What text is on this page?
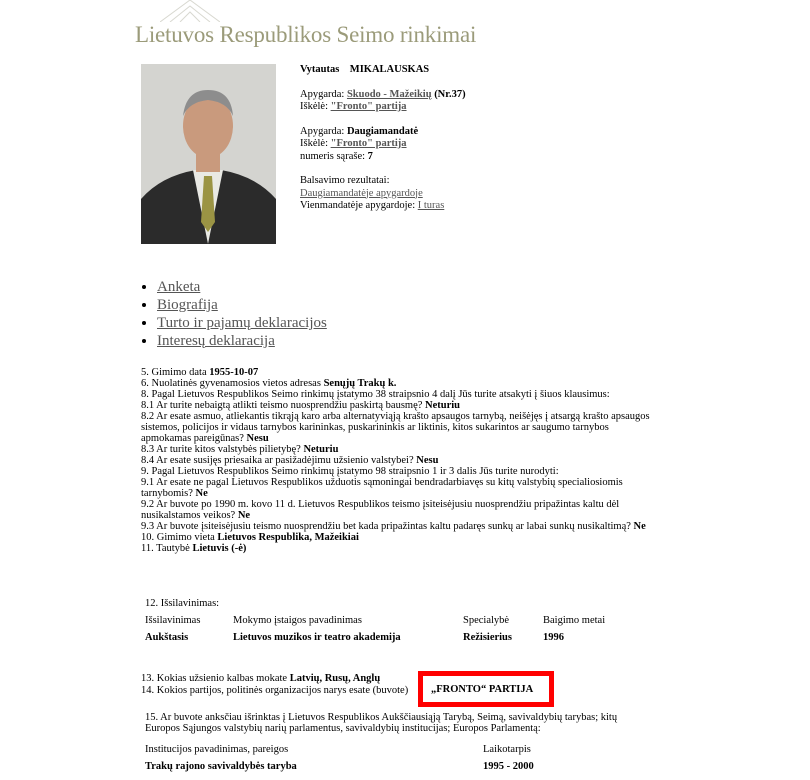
Lietuvos Respublikos Seimo rinkimai

Vytautas MIKALAUSKAS

Apygarda: Skuodo - Mažeikių (Nr.37)

Iškėlė: "Fronto" partija

Apygarda: Daugiamandatė

Iškėlė: "Fronto" partija

numeris sąraše: 7

Balsavimo rezultatai:

Daugiamandatėje apygardoje

Vienmandatėje apygardoje: I turas

• Anketa
• Biografija
• Turto ir pajamų deklaracijos
• Interesų deklaracija

5. Gimimo data 1955-10-07

6. Nuolatinės gyvenamosios vietos adresas Senųjų Trakų k.

8. Pagal Lietuvos Respublikos Seimo rinkimų įstatymo 38 straipsnio 4 dalį Jūs turite atsakyti į šiuos klausimus:

8.1 Ar turite nebaigtą atlikti teismo nuosprendžiu paskirtą bausmę? Neturiu

8.2 Ar esate asmuo, atliekantis tikrąją karo arba alternatyviąją krašto apsaugos tarnybą, neišėjęs į atsargą krašto apsaugos sistemos, policijos ir vidaus tarnybos karininkas, puskarininkis ar liktinis, kitos sukarintos ar saugumo tarnybos apmokamas pareigūnas? Nesu

8.3 Ar turite kitos valstybės pilietybę? Neturiu

8.4 Ar esate susijęs priesaika ar pasižadėjimu užsienio valstybei? Nesu

9. Pagal Lietuvos Respublikos Seimo rinkimų įstatymo 98 straipsnio 1 ir 3 dalis Jūs turite nurodyti:

9.1 Ar esate ne pagal Lietuvos Respublikos užduotis sąmoningai bendradarbiavęs su kitų valstybių specialiosiomis tarnybomis? Ne

9.2 Ar buvote po 1990 m. kovo 11 d. Lietuvos Respublikos teismo įsiteisėjusiu nuosprendžiu pripažintas kaltu dėl nusikalstamos veikos? Ne

9.3 Ar buvote įsiteisėjusiu teismo nuosprendžiu bet kada pripažintas kaltu padaręs sunkų ar labai sunkų nusikaltimą? Ne

10. Gimimo vieta Lietuvos Respublika, Mažeikiai

11. Tautybė Lietuvis (-ė)

12. Išsilavinimas:
Išsilavinimas	Mokymo įstaigos pavadinimas	Specialybė	Baigimo metai
Aukštasis	Lietuvos muzikos ir teatro akademija	Režisierius	1996

13. Kokias užsienio kalbas mokate Latvių, Rusų, Anglų

14. Kokios partijos, politinės organizacijos narys esate (buvote) „FRONTO“ PARTIJA

15. Ar buvote anksčiau išrinktas į Lietuvos Respublikos Aukščiausiąją Tarybą, Seimą, savivaldybių tarybas; kitų Europos Sąjungos valstybių narių parlamentus, savivaldybių institucijas; Europos Parlamentą:

Institucijos pavadinimas, pareigos	Laikotarpis
Trakų rajono savivaldybės taryba	1995 - 2000
